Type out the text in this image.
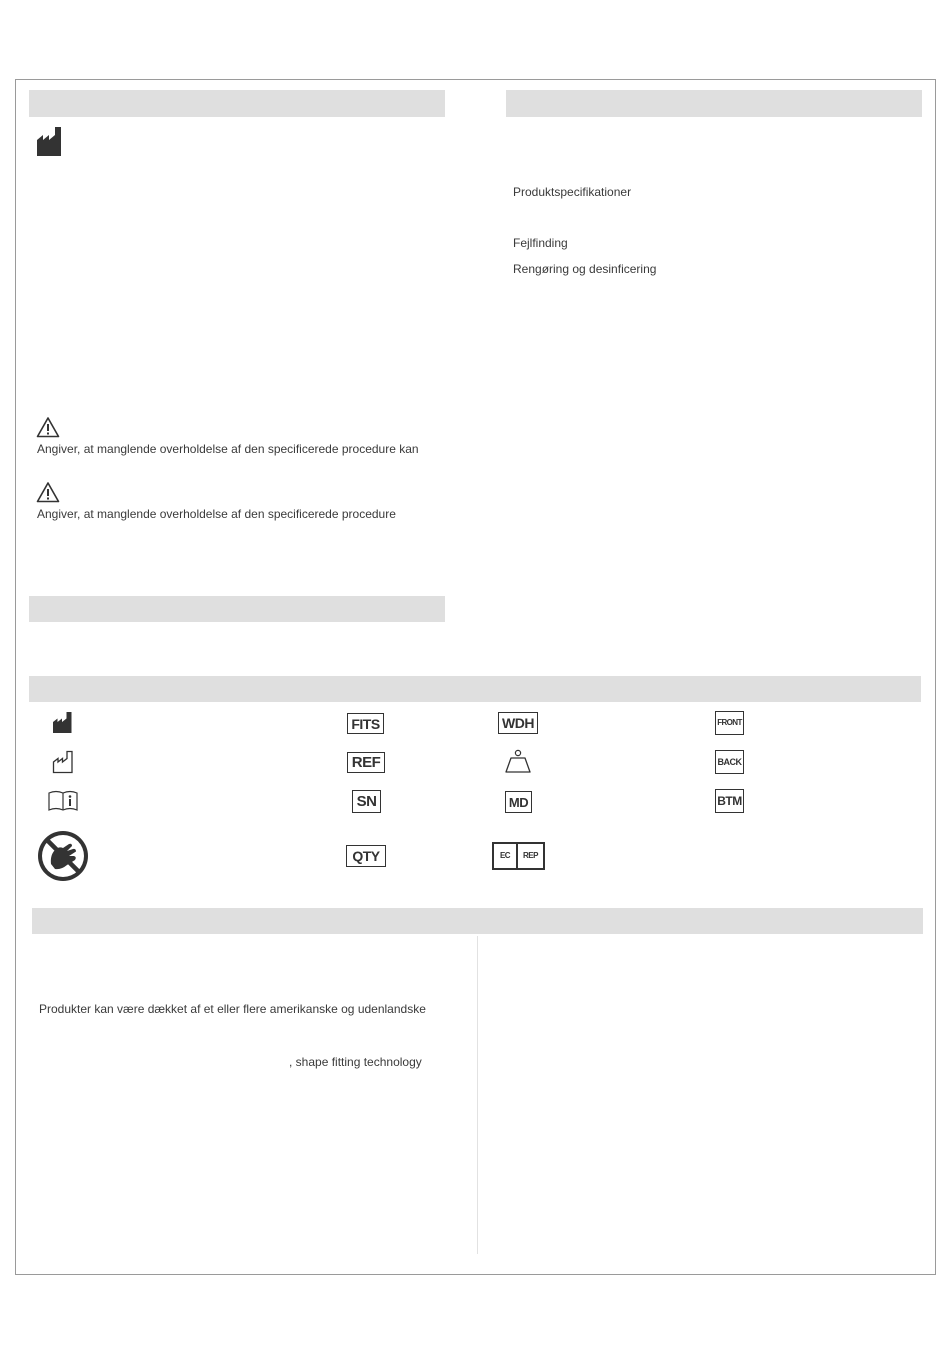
Produktspecifikationer
Fejlfinding
Rengøring og desinficering
Angiver, at manglende overholdelse af den specificerede procedure kan
Angiver, at manglende overholdelse af den specificerede procedure
FITS
REF
SN
QTY
WDH
MD
EC	REP
FRONT
BACK
BTM
Produkter kan være dækket af et eller flere amerikanske og udenlandske
, shape fitting technology
